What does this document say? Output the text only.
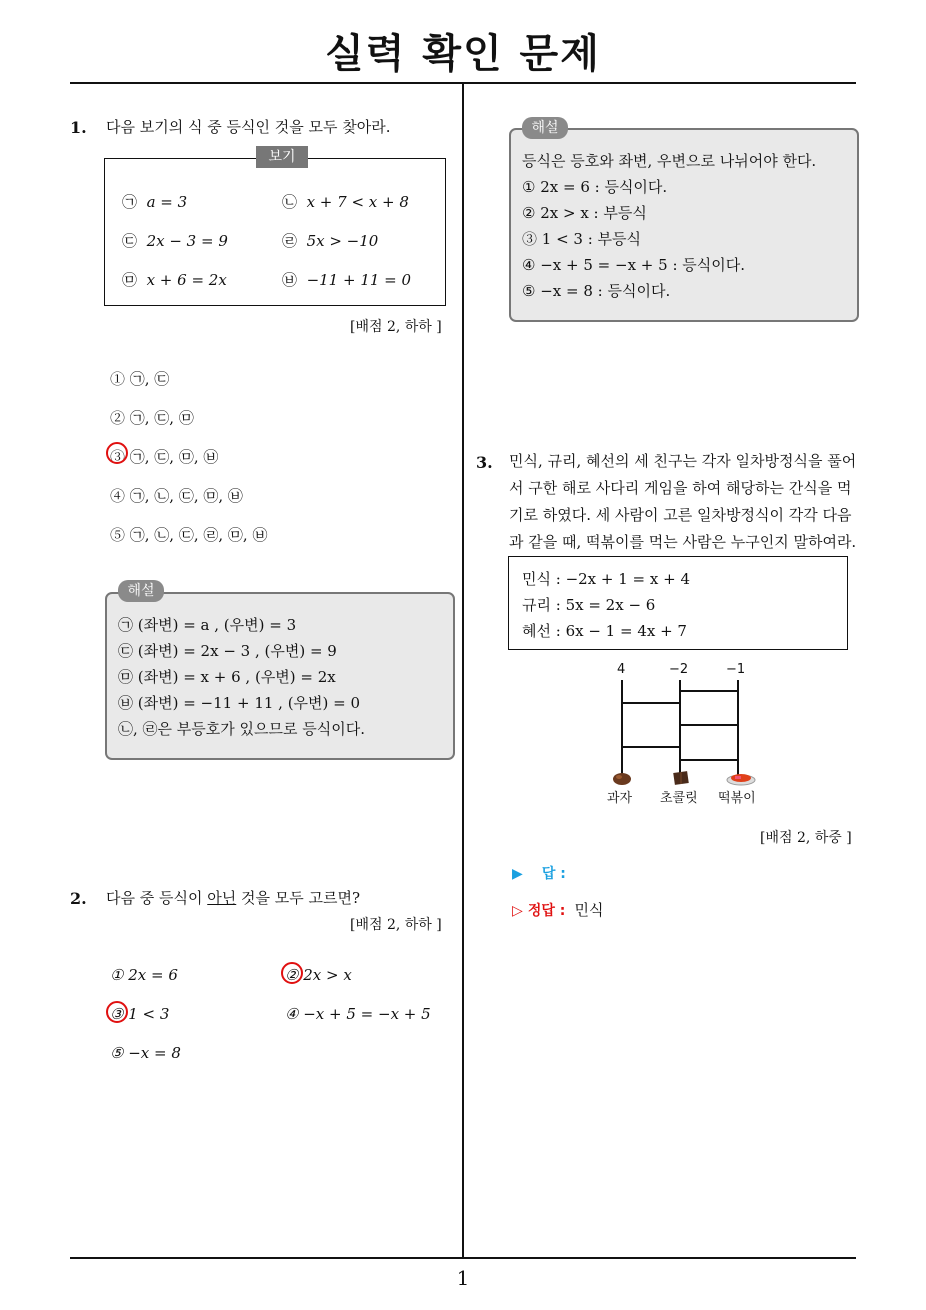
실력 확인 문제
1. 다음 보기의 식 중 등식인 것을 모두 찾아라.
보기
㉠ a = 3	㉡ x + 7 < x + 8
㉢ 2x − 3 = 9	㉣ 5x > −10
㉤ x + 6 = 2x	㉥ −11 + 11 = 0
[배점 2, 하하 ]
① ㉠, ㉢
② ㉠, ㉢, ㉤
③ ㉠, ㉢, ㉤, ㉥
④ ㉠, ㉡, ㉢, ㉤, ㉥
⑤ ㉠, ㉡, ㉢, ㉣, ㉤, ㉥
해설
㉠ (좌변) = a , (우변) = 3
㉢ (좌변) = 2x − 3 , (우변) = 9
㉤ (좌변) = x + 6 , (우변) = 2x
㉥ (좌변) = −11 + 11 , (우변) = 0
㉡, ㉣은 부등호가 있으므로 등식이다.
2. 다음 중 등식이 아닌 것을 모두 고르면?
[배점 2, 하하 ]
① 2x = 6	② 2x > x
③ 1 < 3	④ −x + 5 = −x + 5
⑤ −x = 8
해설
등식은 등호와 좌변, 우변으로 나뉘어야 한다.
① 2x = 6 : 등식이다.
② 2x > x : 부등식
③ 1 < 3 : 부등식
④ −x + 5 = −x + 5 : 등식이다.
⑤ −x = 8 : 등식이다.
3. 민식, 규리, 혜선의 세 친구는 각자 일차방정식을 풀어
서 구한 해로 사다리 게임을 하여 해당하는 간식을 먹
기로 하였다. 세 사람이 고른 일차방정식이 각각 다음
과 같을 때, 떡볶이를 먹는 사람은 누구인지 말하여라.
민식 : −2x + 1 = x + 4
규리 : 5x = 2x − 6
혜선 : 6x − 1 = 4x + 7
4	−2	−1
과자 초콜릿 떡볶이
[배점 2, 하중 ]
▶ 답 :
▷ 정답 : 민식
1
